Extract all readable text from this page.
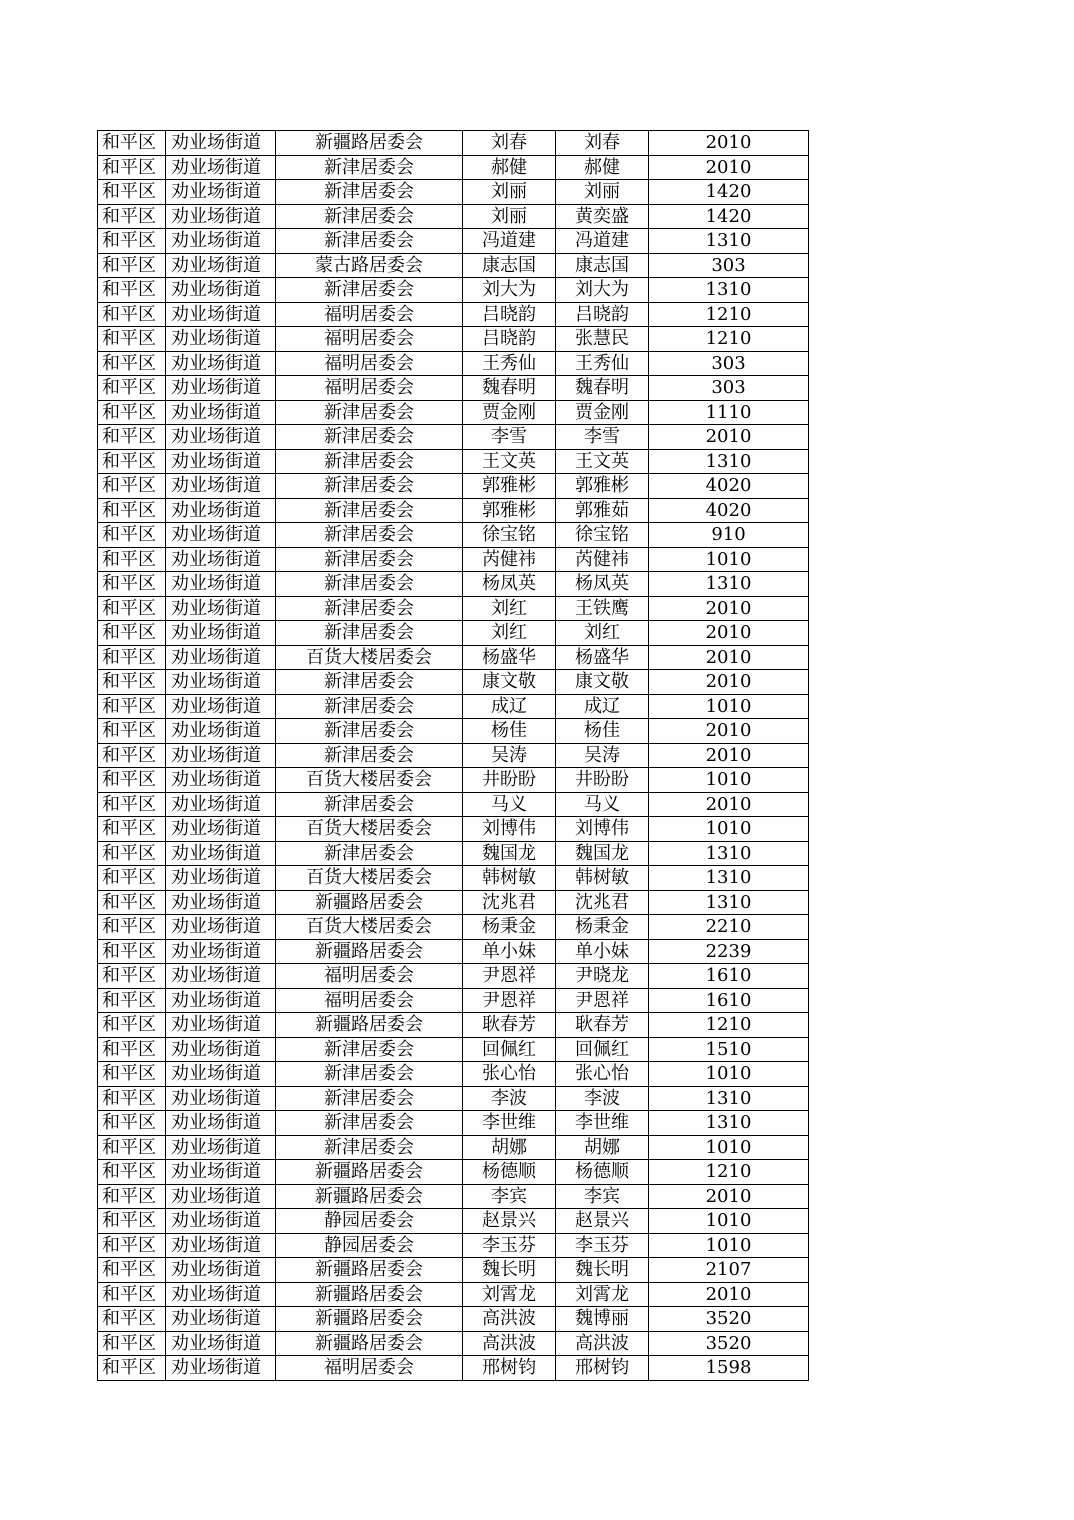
和平区	劝业场街道	新疆路居委会	刘春	刘春	2010
和平区	劝业场街道	新津居委会	郝健	郝健	2010
和平区	劝业场街道	新津居委会	刘丽	刘丽	1420
和平区	劝业场街道	新津居委会	刘丽	黄奕盛	1420
和平区	劝业场街道	新津居委会	冯道建	冯道建	1310
和平区	劝业场街道	蒙古路居委会	康志国	康志国	303
和平区	劝业场街道	新津居委会	刘大为	刘大为	1310
和平区	劝业场街道	福明居委会	吕晓韵	吕晓韵	1210
和平区	劝业场街道	福明居委会	吕晓韵	张慧民	1210
和平区	劝业场街道	福明居委会	王秀仙	王秀仙	303
和平区	劝业场街道	福明居委会	魏春明	魏春明	303
和平区	劝业场街道	新津居委会	贾金刚	贾金刚	1110
和平区	劝业场街道	新津居委会	李雪	李雪	2010
和平区	劝业场街道	新津居委会	王文英	王文英	1310
和平区	劝业场街道	新津居委会	郭雅彬	郭雅彬	4020
和平区	劝业场街道	新津居委会	郭雅彬	郭雅茹	4020
和平区	劝业场街道	新津居委会	徐宝铭	徐宝铭	910
和平区	劝业场街道	新津居委会	芮健祎	芮健祎	1010
和平区	劝业场街道	新津居委会	杨凤英	杨凤英	1310
和平区	劝业场街道	新津居委会	刘红	王铁鹰	2010
和平区	劝业场街道	新津居委会	刘红	刘红	2010
和平区	劝业场街道	百货大楼居委会	杨盛华	杨盛华	2010
和平区	劝业场街道	新津居委会	康文敬	康文敬	2010
和平区	劝业场街道	新津居委会	成辽	成辽	1010
和平区	劝业场街道	新津居委会	杨佳	杨佳	2010
和平区	劝业场街道	新津居委会	吴涛	吴涛	2010
和平区	劝业场街道	百货大楼居委会	井盼盼	井盼盼	1010
和平区	劝业场街道	新津居委会	马义	马义	2010
和平区	劝业场街道	百货大楼居委会	刘博伟	刘博伟	1010
和平区	劝业场街道	新津居委会	魏国龙	魏国龙	1310
和平区	劝业场街道	百货大楼居委会	韩树敏	韩树敏	1310
和平区	劝业场街道	新疆路居委会	沈兆君	沈兆君	1310
和平区	劝业场街道	百货大楼居委会	杨秉金	杨秉金	2210
和平区	劝业场街道	新疆路居委会	单小妹	单小妹	2239
和平区	劝业场街道	福明居委会	尹恩祥	尹晓龙	1610
和平区	劝业场街道	福明居委会	尹恩祥	尹恩祥	1610
和平区	劝业场街道	新疆路居委会	耿春芳	耿春芳	1210
和平区	劝业场街道	新津居委会	回佩红	回佩红	1510
和平区	劝业场街道	新津居委会	张心怡	张心怡	1010
和平区	劝业场街道	新津居委会	李波	李波	1310
和平区	劝业场街道	新津居委会	李世维	李世维	1310
和平区	劝业场街道	新津居委会	胡娜	胡娜	1010
和平区	劝业场街道	新疆路居委会	杨德顺	杨德顺	1210
和平区	劝业场街道	新疆路居委会	李宾	李宾	2010
和平区	劝业场街道	静园居委会	赵景兴	赵景兴	1010
和平区	劝业场街道	静园居委会	李玉芬	李玉芬	1010
和平区	劝业场街道	新疆路居委会	魏长明	魏长明	2107
和平区	劝业场街道	新疆路居委会	刘霄龙	刘霄龙	2010
和平区	劝业场街道	新疆路居委会	高洪波	魏博丽	3520
和平区	劝业场街道	新疆路居委会	高洪波	高洪波	3520
和平区	劝业场街道	福明居委会	邢树钧	邢树钧	1598
